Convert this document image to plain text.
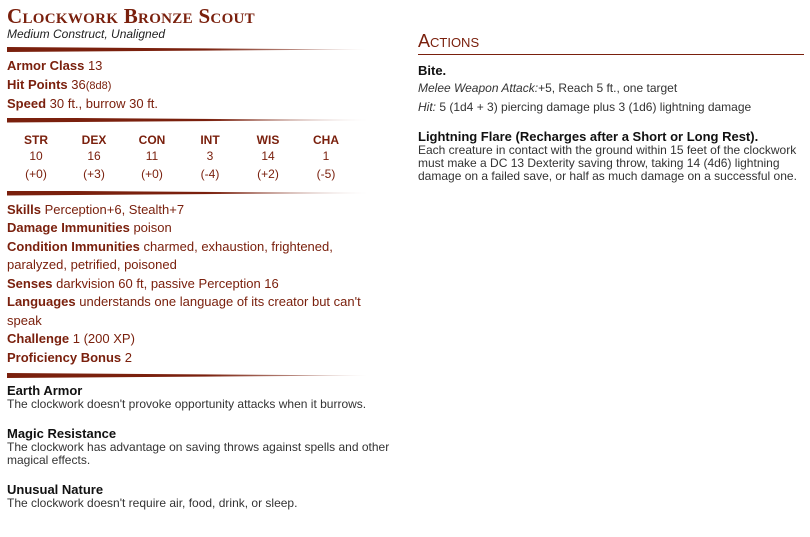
Clockwork Bronze Scout
Medium Construct, Unaligned
Armor Class 13
Hit Points 36(8d8)
Speed 30 ft., burrow 30 ft.
STR
10
(+0)
DEX
16
(+3)
CON
11
(+0)
INT
3
(-4)
WIS
14
(+2)
CHA
1
(-5)
Skills Perception+6, Stealth+7
Damage Immunities poison
Condition Immunities charmed, exhaustion, frightened, paralyzed, petrified, poisoned
Senses darkvision 60 ft, passive Perception 16
Languages understands one language of its creator but can't speak
Challenge 1 (200 XP)
Proficiency Bonus 2
Earth Armor
The clockwork doesn't provoke opportunity attacks when it burrows.
Magic Resistance
The clockwork has advantage on saving throws against spells and other magical effects.
Unusual Nature
The clockwork doesn't require air, food, drink, or sleep.
Actions
Bite.
Melee Weapon Attack:+5, Reach 5 ft., one target
Hit: 5 (1d4 + 3) piercing damage plus 3 (1d6) lightning damage
Lightning Flare (Recharges after a Short or Long Rest).
Each creature in contact with the ground within 15 feet of the clockwork must make a DC 13 Dexterity saving throw, taking 14 (4d6) lightning damage on a failed save, or half as much damage on a successful one.
